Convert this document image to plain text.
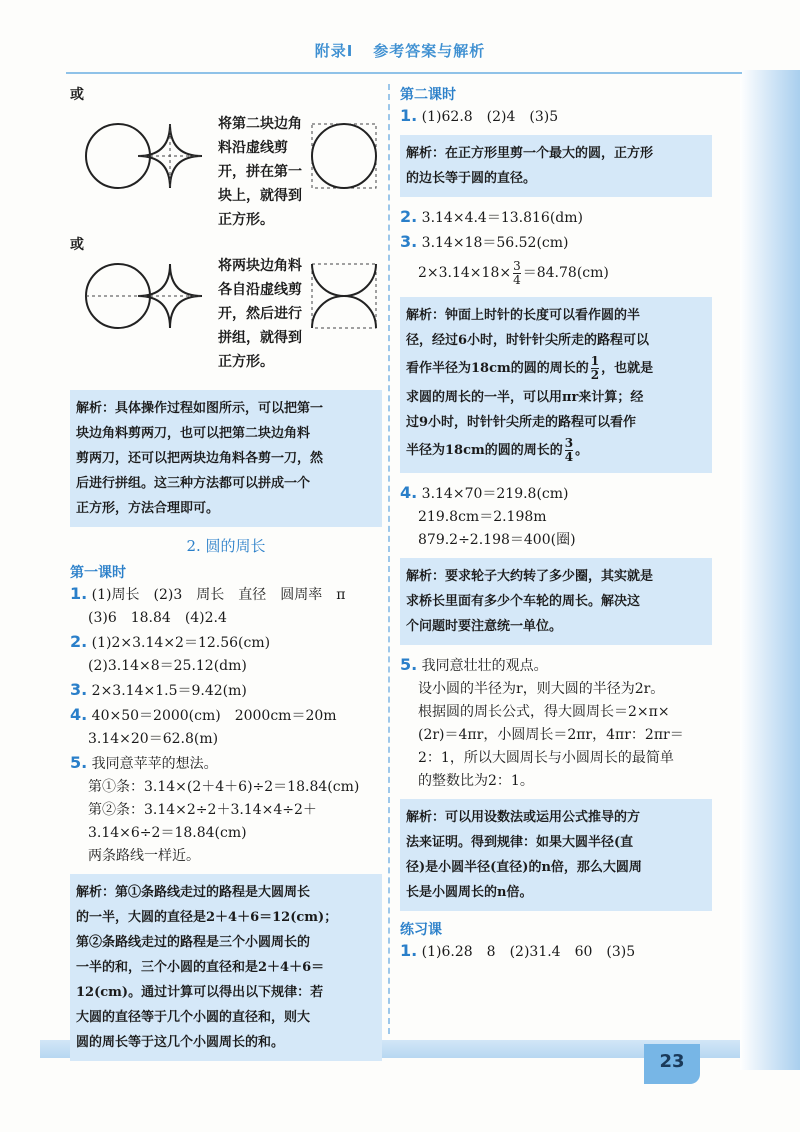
附录Ⅰ 参考答案与解析
或
将第二块边角
料沿虚线剪
开，拼在第一
块上，就得到
正方形。
或
将两块边角料
各自沿虚线剪
开，然后进行
拼组，就得到
正方形。
解析：具体操作过程如图所示，可以把第一
块边角料剪两刀，也可以把第二块边角料
剪两刀，还可以把两块边角料各剪一刀，然
后进行拼组。这三种方法都可以拼成一个
正方形，方法合理即可。
2. 圆的周长
第一课时
1. (1)周长　(2)3　周长　直径　圆周率　π
(3)6　18.84　(4)2.4
2. (1)2×3.14×2＝12.56(cm)
(2)3.14×8＝25.12(dm)
3. 2×3.14×1.5＝9.42(m)
4. 40×50＝2000(cm)　2000cm＝20m
3.14×20＝62.8(m)
5. 我同意苹苹的想法。
第①条：3.14×(2＋4＋6)÷2＝18.84(cm)
第②条：3.14×2÷2＋3.14×4÷2＋
3.14×6÷2＝18.84(cm)
两条路线一样近。
解析：第①条路线走过的路程是大圆周长
的一半，大圆的直径是2＋4＋6＝12(cm)；
第②条路线走过的路程是三个小圆周长的
一半的和，三个小圆的直径和是2＋4＋6＝
12(cm)。通过计算可以得出以下规律：若
大圆的直径等于几个小圆的直径和，则大
圆的周长等于这几个小圆周长的和。
第二课时
1. (1)62.8　(2)4　(3)5
解析：在正方形里剪一个最大的圆，正方形
的边长等于圆的直径。
2. 3.14×4.4＝13.816(dm)
3. 3.14×18＝56.52(cm)
$2\times 3.14\times 18\times \frac{3}{4} =84.78(cm)$
解析：钟面上时针的长度可以看作圆的半
径，经过6小时，时针针尖所走的路程可以
看作半径为18cm的圆的周长的 $\frac{1}{2}$ ，也就是
求圆的周长的一半，可以用πr来计算；经
过9小时，时针针尖所走的路程可以看作
半径为18cm的圆的周长的 $\frac{3}{4}$ 。
4. 3.14×70＝219.8(cm)
219.8cm＝2.198m
879.2÷2.198＝400(圈)
解析：要求轮子大约转了多少圈，其实就是
求桥长里面有多少个车轮的周长。解决这
个问题时要注意统一单位。
5. 我同意壮壮的观点。
设小圆的半径为r，则大圆的半径为2r。
根据圆的周长公式，得大圆周长＝2×π×
(2r)＝4πr，小圆周长＝2πr，4πr：2πr＝
2：1，所以大圆周长与小圆周长的最简单
的整数比为2：1。
解析：可以用设数法或运用公式推导的方
法来证明。得到规律：如果大圆半径(直
径)是小圆半径(直径)的n倍，那么大圆周
长是小圆周长的n倍。
练习课
1. (1)6.28　8　(2)31.4　60　(3)5
23
